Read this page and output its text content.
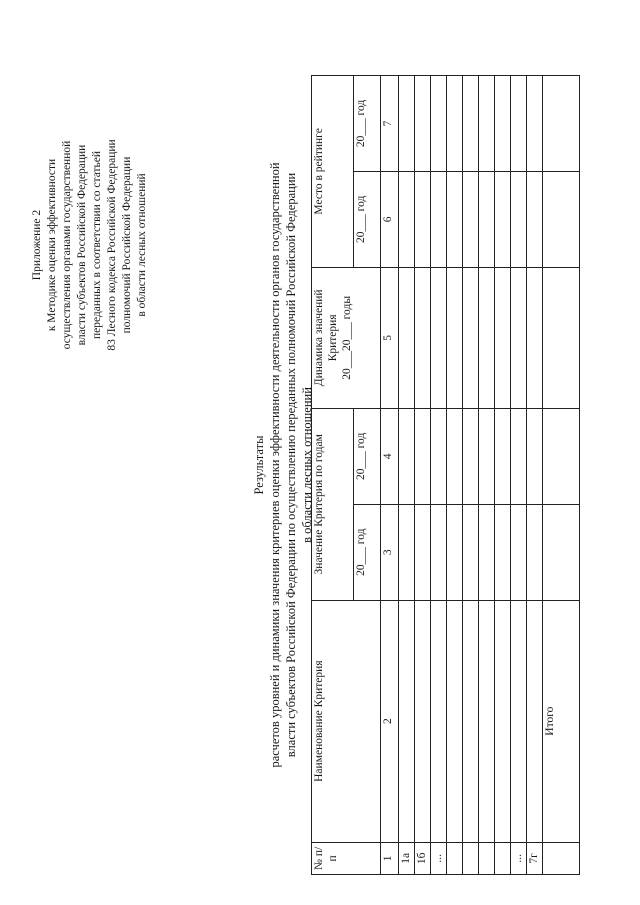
Приложение 2 к Методике оценки эффективности осуществления органами государственной власти субъектов Российской Федерации переданных в соответствии со статьей 83 Лесного кодекса Российской Федерации полномочий Российской Федерации в области лесных отношений
Результаты расчетов уровней и динамики значения критериев оценки эффективности деятельности органов государственной власти субъектов Российской Федерации по осуществлению переданных полномочий Российской Федерации в области лесных отношений
№ п/п	Наименование Критерия	Значение Критерия по годам		Динамика значений Критерия 20___20___ годы	Место в рейтинге	
		20___ год	20___ год		20___ год	20___ год
1	2	3	4	5	6	7
1а						
1б						
...						

...						
7г						
	Итого					
